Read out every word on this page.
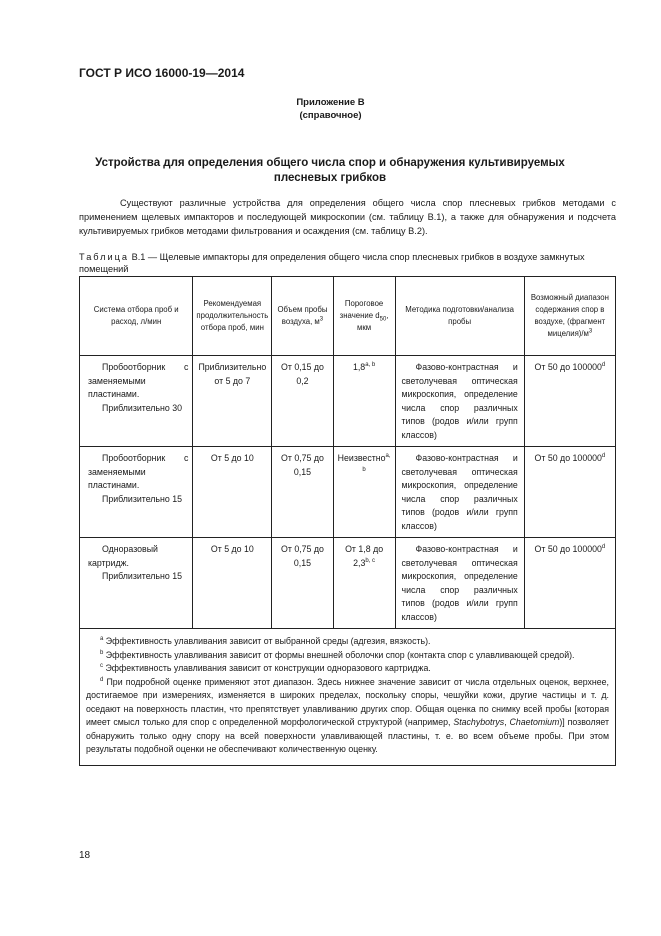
ГОСТ Р ИСО 16000-19—2014
Приложение В
(справочное)
Устройства для определения общего числа спор и обнаружения культивируемых плесневых грибков
Существуют различные устройства для определения общего числа спор плесневых грибков методами с применением щелевых импакторов и последующей микроскопии (см. таблицу В.1), а также для обнаружения и подсчета культивируемых грибков методами фильтрования и осаждения (см. таблицу В.2).
Таблица В.1 — Щелевые импакторы для определения общего числа спор плесневых грибков в воздухе замкнутых помещений
Система отбора проб и расход, л/мин	Рекомендуемая продолжительность отбора проб, мин	Объем пробы воздуха, $м^3$	Пороговое значение $d_{50}$, мкм	Методика подготовки/анализа пробы	Возможный диапазон содержания спор в воздухе, (фрагмент $мицелия)/м^3$

Пробоотборник с заменяемыми пластинами.
Приблизительно 30	Приблизительно от 5 до 7	От 0,15 до 0,2	1,8$^{a, b}$	Фазово-контрастная и светолучевая оптическая микроскопия, определение числа спор различных типов (родов и/или групп классов)	От 50 до 100000$^d$

Пробоотборник с заменяемыми пластинами.
Приблизительно 15	От 5 до 10	От 0,75 до 0,15	Неизвестно$^{a, b}$	Фазово-контрастная и светолучевая оптическая микроскопия, определение числа спор различных типов (родов и/или групп классов)	От 50 до 100000$^d$

Одноразовый картридж.
Приблизительно 15	От 5 до 10	От 0,75 до 0,15	От 1,8 до 2,3$^{b, c}$	Фазово-контрастная и светолучевая оптическая микроскопия, определение числа спор различных типов (родов и/или групп классов)	От 50 до 100000$^d$

$^a$ Эффективность улавливания зависит от выбранной среды (адгезия, вязкость).

$^b$ Эффективность улавливания зависит от формы внешней оболочки спор (контакта спор с улавливающей средой).

$^c$ Эффективность улавливания зависит от конструкции одноразового картриджа.

$^d$ При подробной оценке применяют этот диапазон. Здесь нижнее значение зависит от числа отдельных оценок, верхнее, достигаемое при измерениях, изменяется в широких пределах, поскольку споры, чешуйки кожи, другие частицы и т. д. оседают на поверхность пластин, что препятствует улавливанию других спор. Общая оценка по снимку всей пробы [которая имеет смысл только для спор с определенной морфологической структурой (например, Stachybotrys, Chaetomium)] позволяет обнаружить только одну спору на всей поверхности улавливающей пластины, т. е. во всем объеме пробы. При этом результаты подобной оценки не обеспечивают количественную оценку.					

18
